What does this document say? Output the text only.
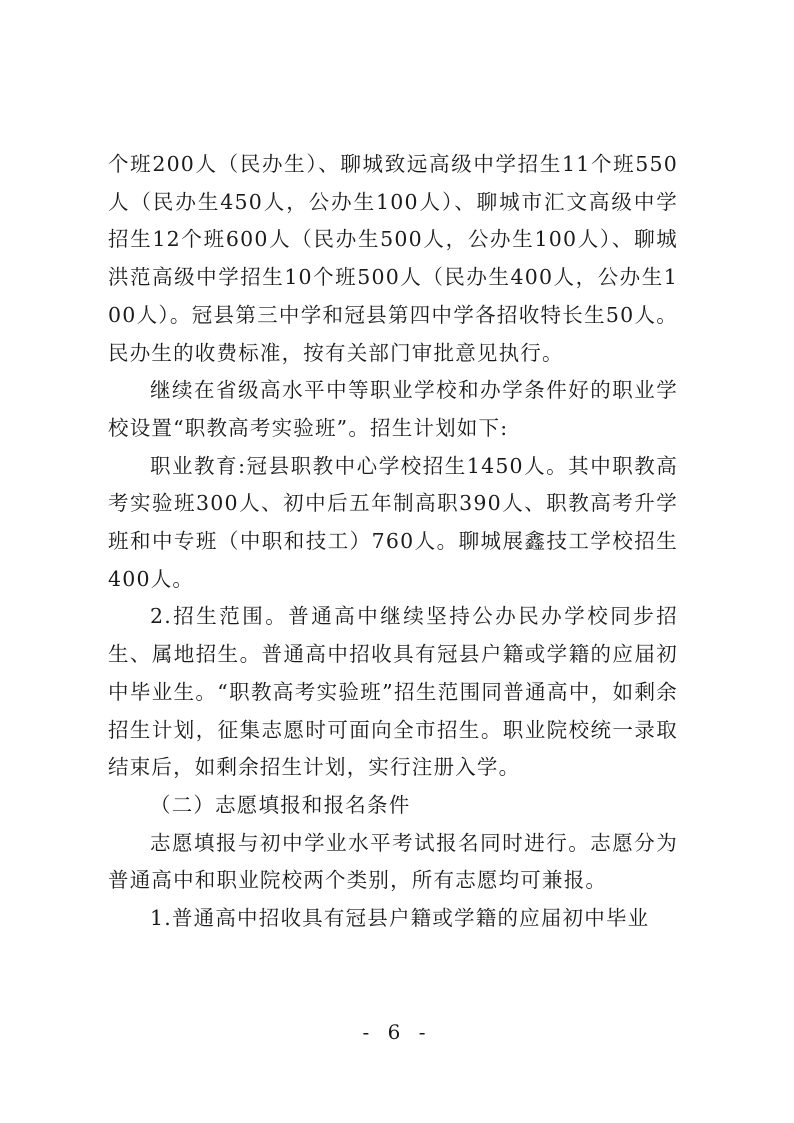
个班200人（民办生）、聊城致远高级中学招生11个班550人（民办生450人，公办生100人）、聊城市汇文高级中学招生12个班600人（民办生500人，公办生100人）、聊城洪范高级中学招生10个班500人（民办生400人，公办生100人）。冠县第三中学和冠县第四中学各招收特长生50人。民办生的收费标准，按有关部门审批意见执行。

继续在省级高水平中等职业学校和办学条件好的职业学校设置“职教高考实验班”。招生计划如下:

职业教育:冠县职教中心学校招生1450人。其中职教高考实验班300人、初中后五年制高职390人、职教高考升学班和中专班（中职和技工）760人。聊城展鑫技工学校招生400人。

2.招生范围。普通高中继续坚持公办民办学校同步招生、属地招生。普通高中招收具有冠县户籍或学籍的应届初中毕业生。“职教高考实验班”招生范围同普通高中，如剩余招生计划，征集志愿时可面向全市招生。职业院校统一录取结束后，如剩余招生计划，实行注册入学。

（二）志愿填报和报名条件

志愿填报与初中学业水平考试报名同时进行。志愿分为普通高中和职业院校两个类别，所有志愿均可兼报。

1.普通高中招收具有冠县户籍或学籍的应届初中毕业

- 6 -
